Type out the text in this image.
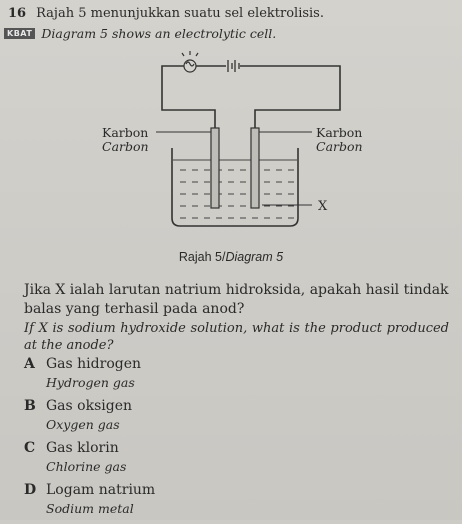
16 Rajah 5 menunjukkan suatu sel elektrolisis.
KBAT Diagram 5 shows an electrolytic cell.
Karbon
Carbon
Karbon
Carbon
X
Rajah 5/Diagram 5
Jika X ialah larutan natrium hidroksida, apakah hasil tindak balas yang terhasil pada anod?
If X is sodium hydroxide solution, what is the product produced at the anode?
A Gas hidrogen
Hydrogen gas
B Gas oksigen
Oxygen gas
C Gas klorin
Chlorine gas
D Logam natrium
Sodium metal
